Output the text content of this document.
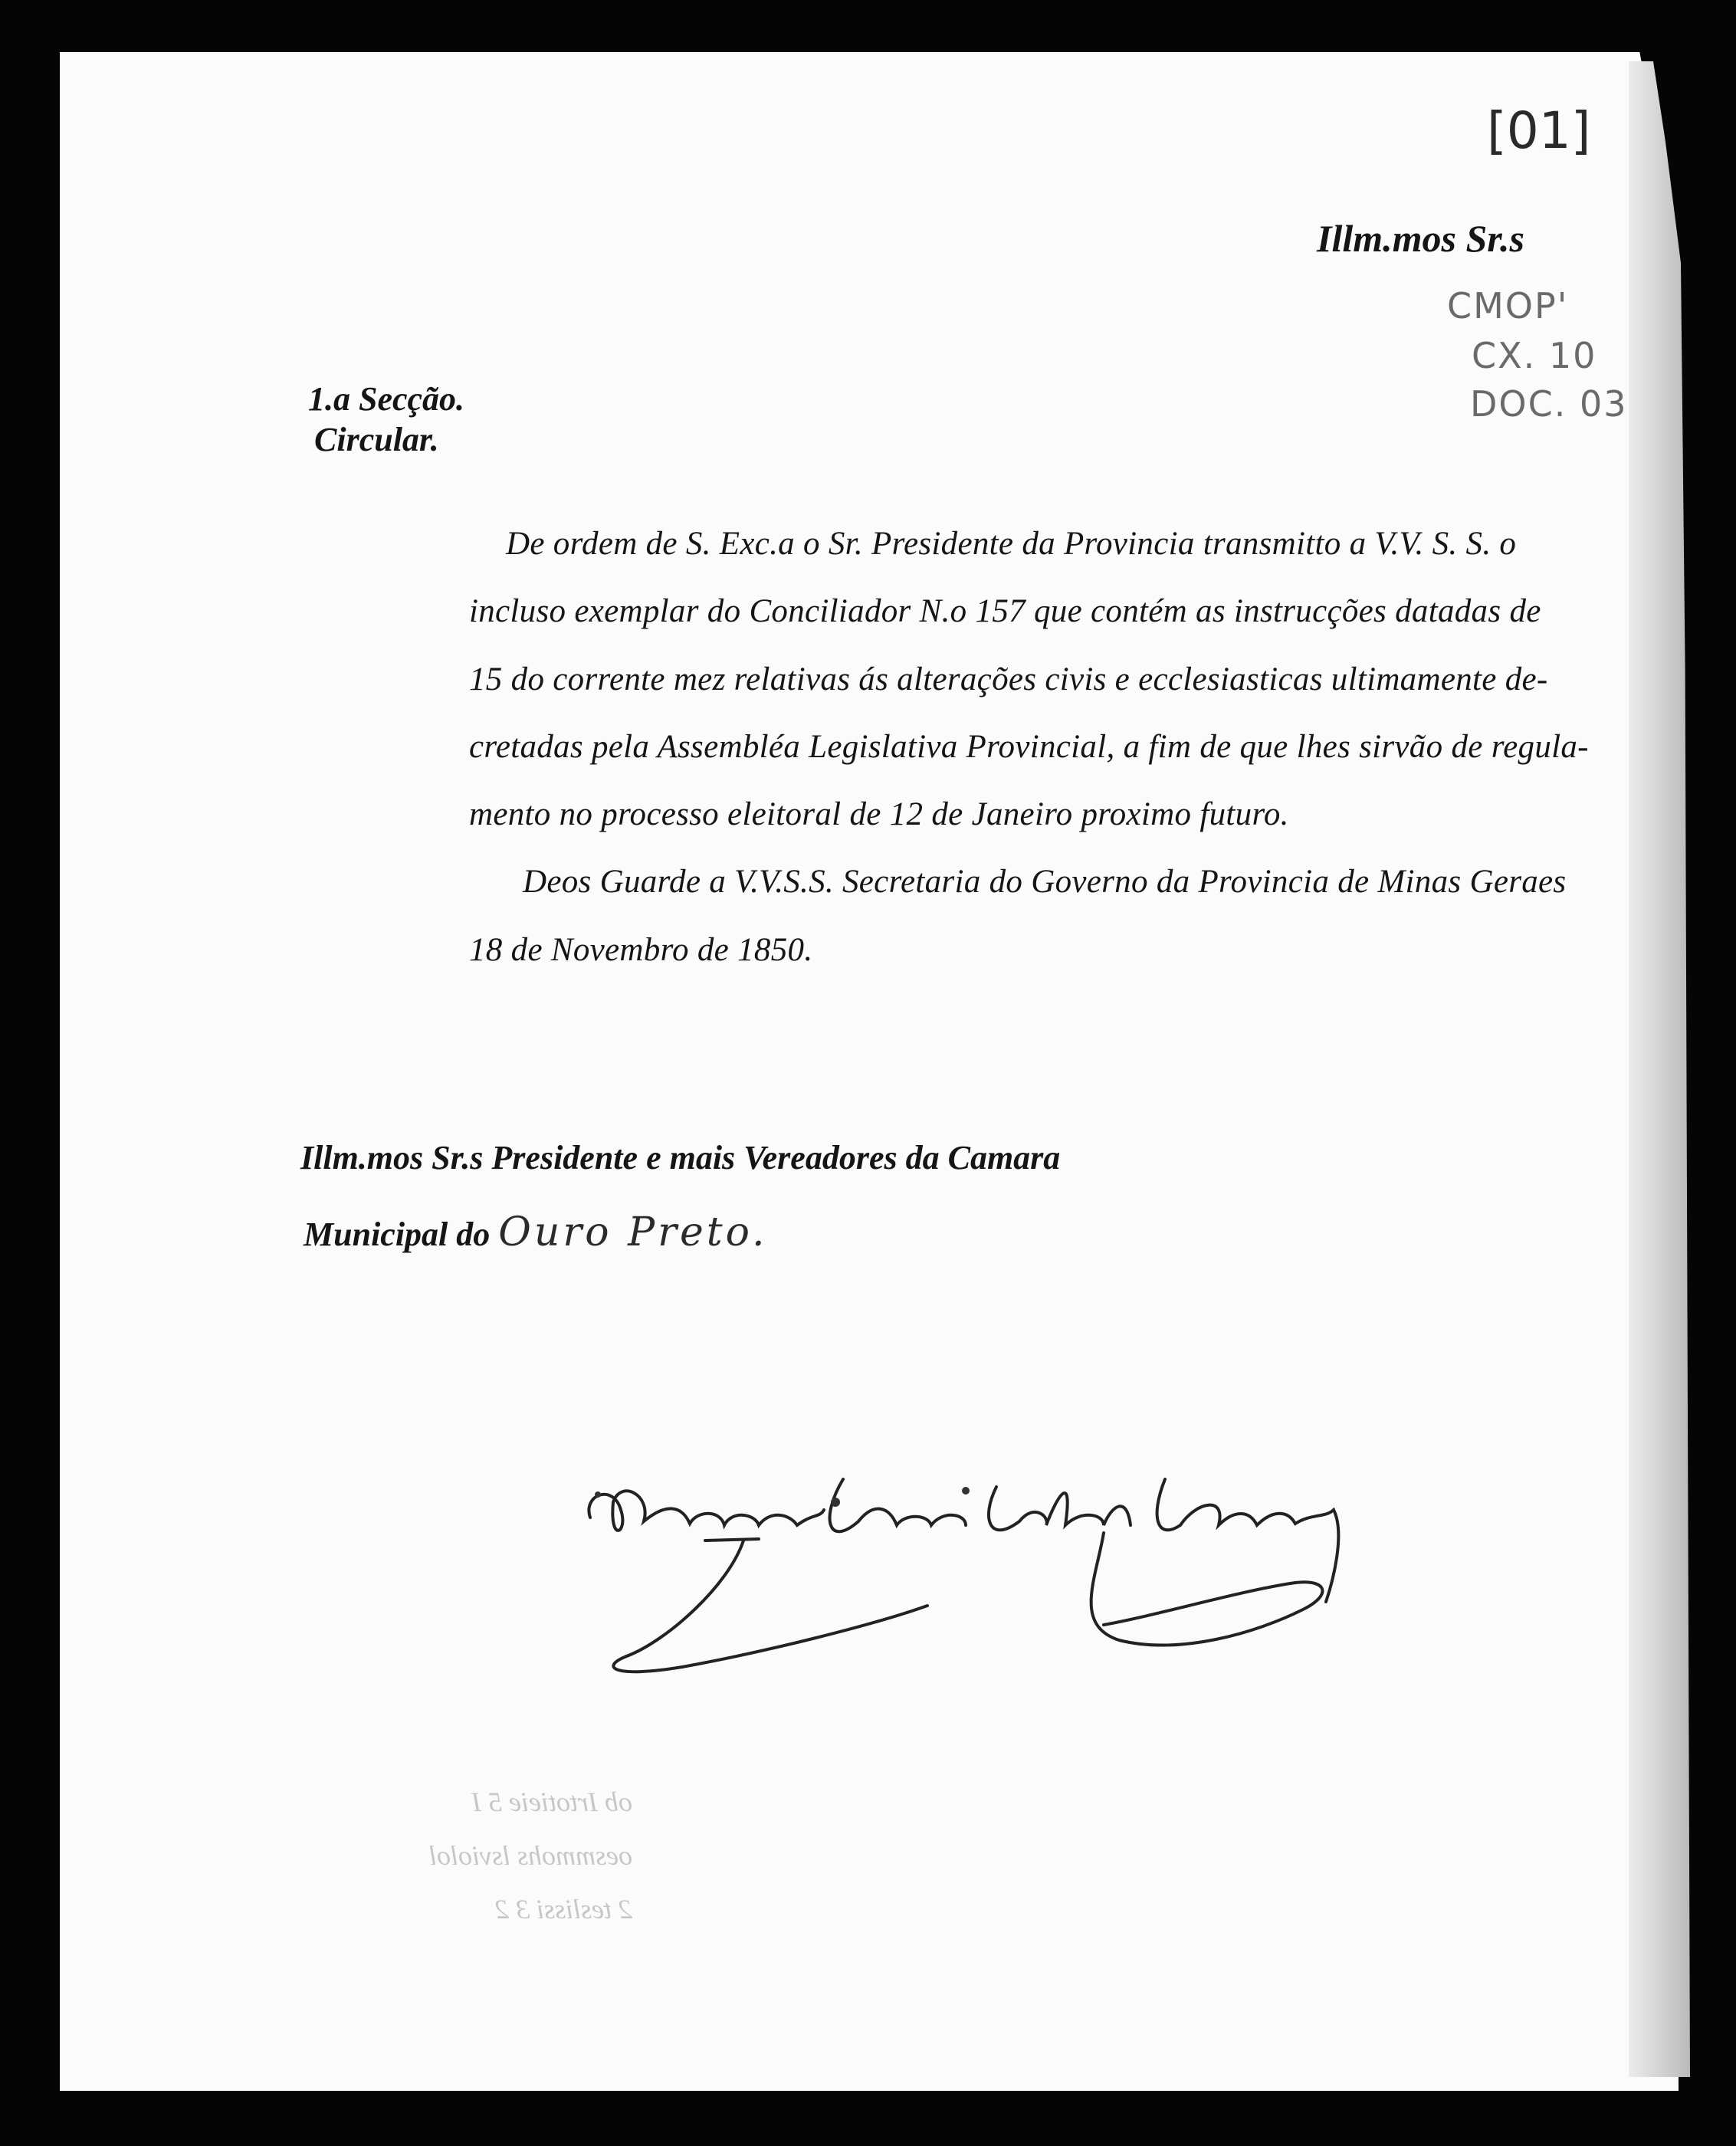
[01]
CMOP'
CX. 10
DOC. 03
Illm.mos Sr.s
1.a Secção.
Circular.
De ordem de S. Exc.a o Sr. Presidente da Provincia transmitto a V.V. S. S. o
incluso exemplar do Conciliador N.o 157 que contém as instrucções datadas de
15 do corrente mez relativas ás alterações civis e ecclesiasticas ultimamente de-
cretadas pela Assembléa Legislativa Provincial, a fim de que lhes sirvão de regula-
mento no processo eleitoral de 12 de Janeiro proximo futuro.
Deos Guarde a V.V.S.S. Secretaria do Governo da Provincia de Minas Geraes
18 de Novembro de 1850.
Illm.mos Sr.s Presidente e mais Vereadores da Camara
Municipal do Ouro Preto.
ob Irtotieie 5 I
oesmmohs lsviolol
2 teslissi 3 2
